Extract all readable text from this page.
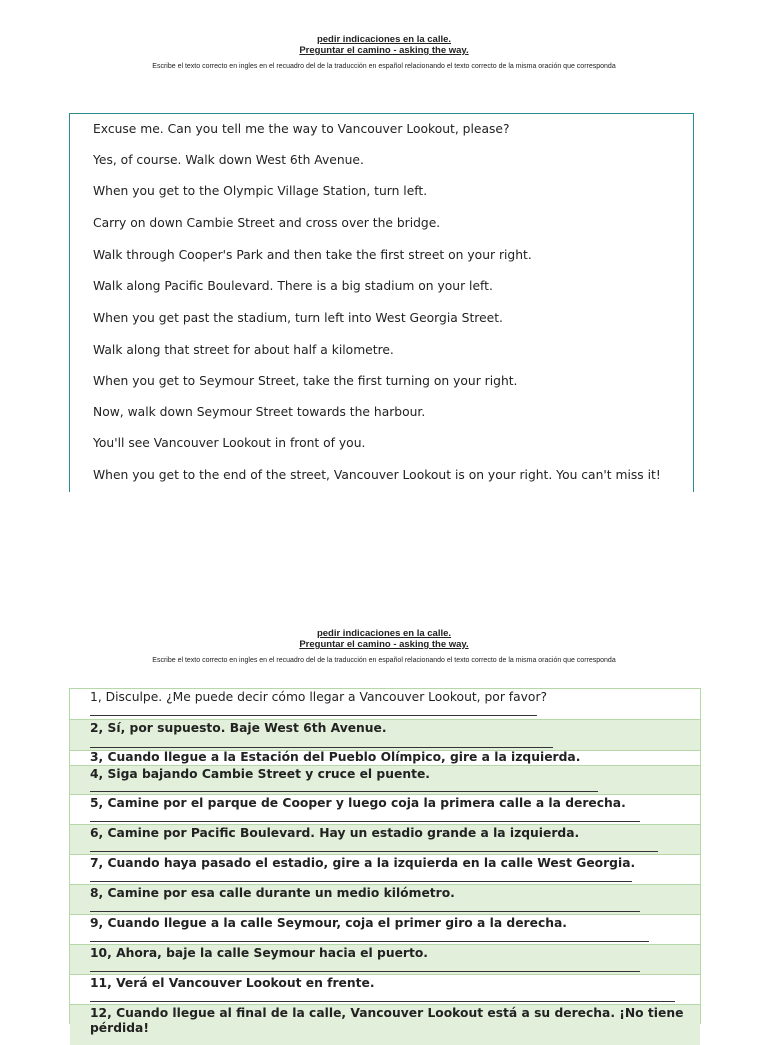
pedir indicaciones en la calle.
Preguntar el camino - asking the way.
Escribe el texto correcto en ingles en el recuadro del de la traducción en español relacionando el texto correcto de la misma oración que corresponda
Excuse me. Can you tell me the way to Vancouver Lookout, please?
Yes, of course. Walk down West 6th Avenue.
When you get to the Olympic Village Station, turn left.
Carry on down Cambie Street and cross over the bridge.
Walk through Cooper's Park and then take the first street on your right.
Walk along Pacific Boulevard. There is a big stadium on your left.
When you get past the stadium, turn left into West Georgia Street.
Walk along that street for about half a kilometre.
When you get to Seymour Street, take the first turning on your right.
Now, walk down Seymour Street towards the harbour.
You'll see Vancouver Lookout in front of you.
When you get to the end of the street, Vancouver Lookout is on your right. You can't miss it!
pedir indicaciones en la calle.
Preguntar el camino - asking the way.
Escribe el texto correcto en ingles en el recuadro del de la traducción en español relacionando el texto correcto de la misma oración que corresponda
1, Disculpe. ¿Me puede decir cómo llegar a Vancouver Lookout, por favor?
2, Sí, por supuesto. Baje West 6th Avenue.
3, Cuando llegue a la Estación del Pueblo Olímpico, gire a la izquierda.
4, Siga bajando Cambie Street y cruce el puente.
5, Camine por el parque de Cooper y luego coja la primera calle a la derecha.
6, Camine por Pacific Boulevard. Hay un estadio grande a la izquierda.
7, Cuando haya pasado el estadio, gire a la izquierda en la calle West Georgia.
8, Camine por esa calle durante un medio kilómetro.
9, Cuando llegue a la calle Seymour, coja el primer giro a la derecha.
10, Ahora, baje la calle Seymour hacia el puerto.
11, Verá el Vancouver Lookout en frente.
12, Cuando llegue al final de la calle, Vancouver Lookout está a su derecha. ¡No tiene pérdida!
